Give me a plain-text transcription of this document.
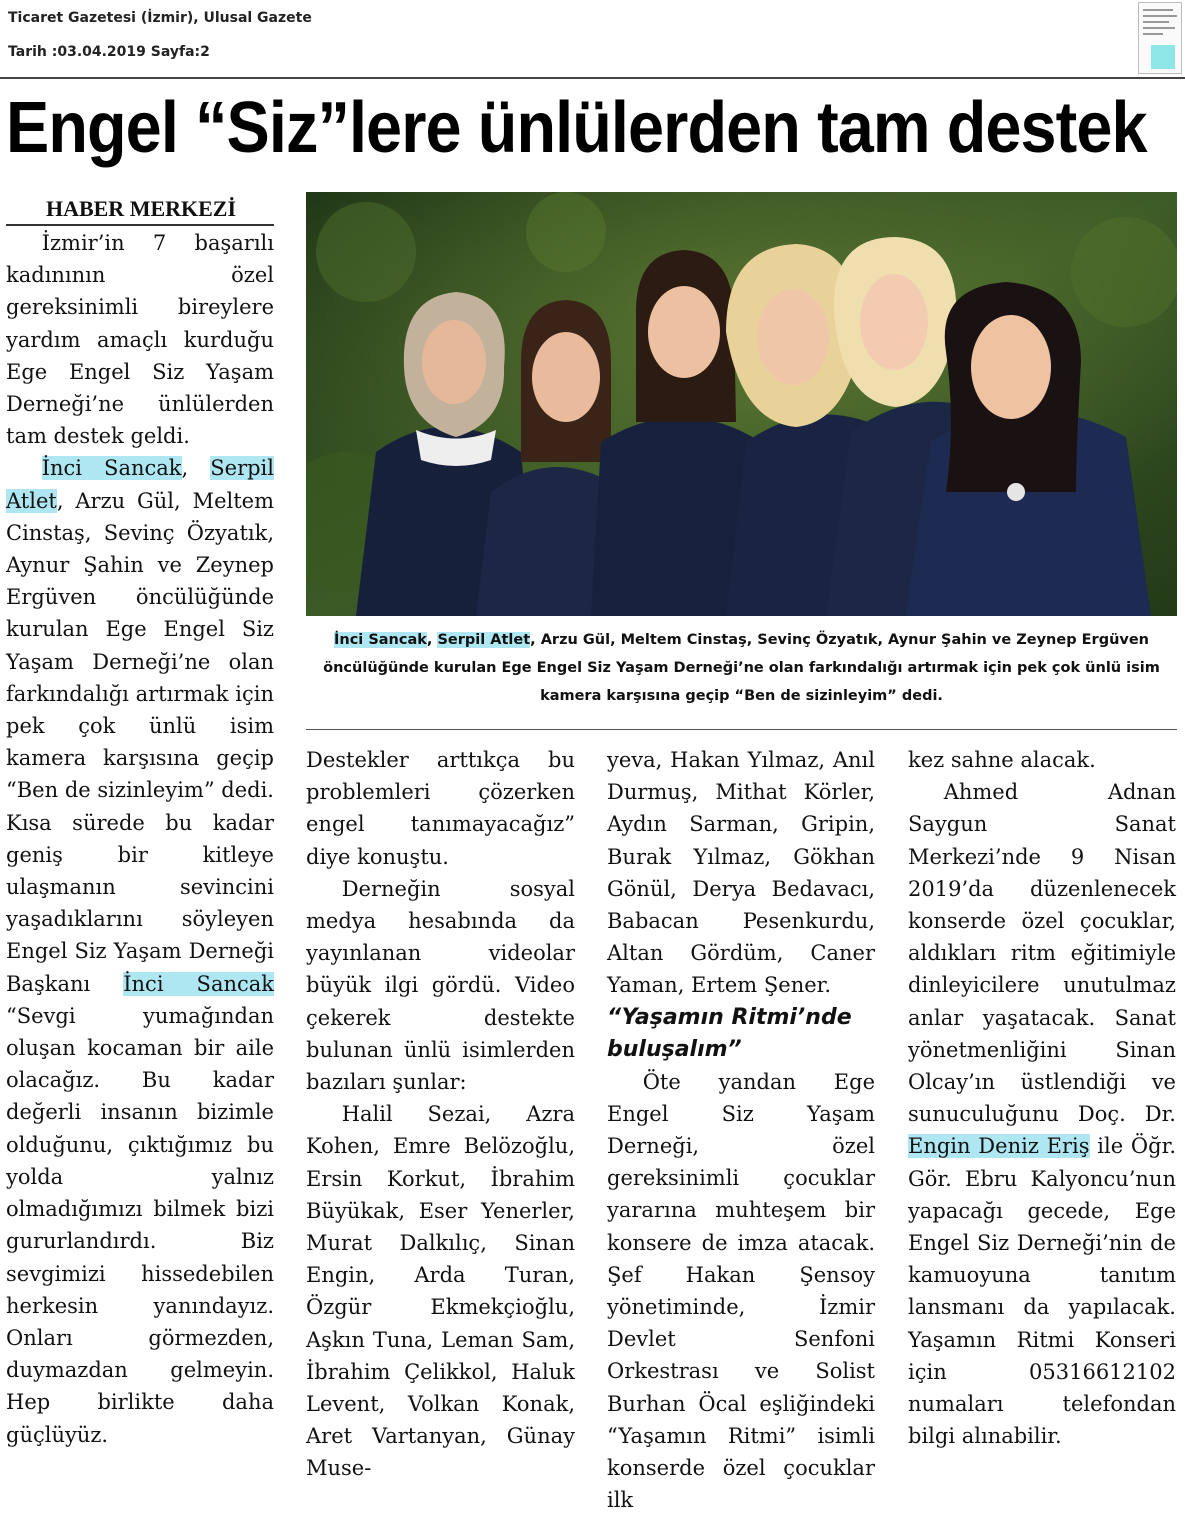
Ticaret Gazetesi (İzmir), Ulusal Gazete
Tarih :03.04.2019 Sayfa:2
Engel “Siz”lere ünlülerden tam destek
HABER MERKEZİ

İzmir’in 7 başarılı kadınının özel gereksinimli bireylere yardım amaçlı kurduğu Ege Engel Siz Yaşam Derneği’ne ünlülerden tam destek geldi.

İnci Sancak, Serpil Atlet, Arzu Gül, Meltem Cinstaş, Sevinç Özyatık, Aynur Şahin ve Zeynep Ergüven öncülüğünde kurulan Ege Engel Siz Yaşam Derneği’ne olan farkındalığı artırmak için pek çok ünlü isim kamera karşısına geçip “Ben de sizinleyim” dedi. Kısa sürede bu kadar geniş bir kitleye ulaşmanın sevincini yaşadıklarını söyleyen Engel Siz Yaşam Derneği Başkanı İnci Sancak “Sevgi yumağından oluşan kocaman bir aile olacağız. Bu kadar değerli insanın bizimle olduğunu, çıktığımız bu yolda yalnız olmadığımızı bilmek bizi gururlandırdı. Biz sevgimizi hissedebilen herkesin yanındayız. Onları görmezden, duymazdan gelmeyin. Hep birlikte daha güçlüyüz.

İnci Sancak, Serpil Atlet, Arzu Gül, Meltem Cinstaş, Sevinç Özyatık, Aynur Şahin ve Zeynep Ergüven öncülüğünde kurulan Ege Engel Siz Yaşam Derneği’ne olan farkındalığı artırmak için pek çok ünlü isim kamera karşısına geçip “Ben de sizinleyim” dedi.

Destekler arttıkça bu problemleri çözerken engel tanımayacağız” diye konuştu.

Derneğin sosyal medya hesabında da yayınlanan videolar büyük ilgi gördü. Video çekerek destekte bulunan ünlü isimlerden bazıları şunlar:

Halil Sezai, Azra Kohen, Emre Belözoğlu, Ersin Korkut, İbrahim Büyükak, Eser Yenerler, Murat Dalkılıç, Sinan Engin, Arda Turan, Özgür Ekmekçioğlu, Aşkın Tuna, Leman Sam, İbrahim Çelikkol, Haluk Levent, Volkan Konak, Aret Vartanyan, Günay Muse-

yeva, Hakan Yılmaz, Anıl Durmuş, Mithat Körler, Aydın Sarman, Gripin, Burak Yılmaz, Gökhan Gönül, Derya Bedavacı, Babacan Pesenkurdu, Altan Gördüm, Caner Yaman, Ertem Şener.

“Yaşamın Ritmi’nde buluşalım”

Öte yandan Ege Engel Siz Yaşam Derneği, özel gereksinimli çocuklar yararına muhteşem bir konsere de imza atacak. Şef Hakan Şensoy yönetiminde, İzmir Devlet Senfoni Orkestrası ve Solist Burhan Öcal eşliğindeki “Yaşamın Ritmi” isimli konserde özel çocuklar ilk

kez sahne alacak.

Ahmed Adnan Saygun Sanat Merkezi’nde 9 Nisan 2019’da düzenlenecek konserde özel çocuklar, aldıkları ritm eğitimiyle dinleyicilere unutulmaz anlar yaşatacak. Sanat yönetmenliğini Sinan Olcay’ın üstlendiği ve sunuculuğunu Doç. Dr. Engin Deniz Eriş ile Öğr. Gör. Ebru Kalyoncu’nun yapacağı gecede, Ege Engel Siz Derneği’nin de kamuoyuna tanıtım lansmanı da yapılacak. Yaşamın Ritmi Konseri için 05316612102 numaları telefondan bilgi alınabilir.
